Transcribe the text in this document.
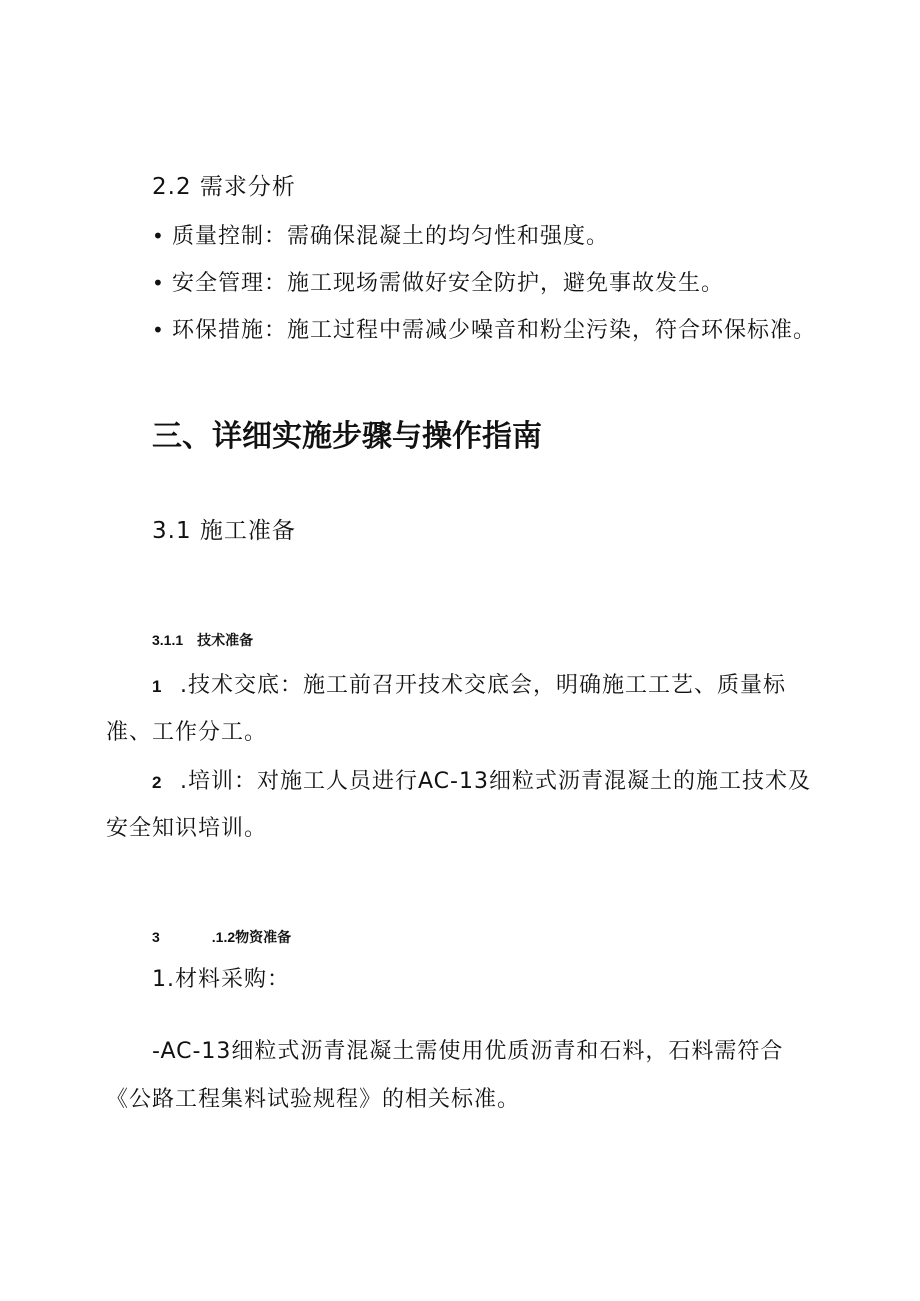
2.2 需求分析
• 质量控制：需确保混凝土的均匀性和强度。
• 安全管理：施工现场需做好安全防护，避免事故发生。
• 环保措施：施工过程中需减少噪音和粉尘污染，符合环保标准。
三、详细实施步骤与操作指南
3.1 施工准备
3.1.1　技术准备
1 .技术交底：施工前召开技术交底会，明确施工工艺、质量标
准、工作分工。
2 .培训：对施工人员进行AC-13细粒式沥青混凝土的施工技术及
安全知识培训。
3	.1.2物资准备
1.材料采购：
-AC-13细粒式沥青混凝土需使用优质沥青和石料，石料需符合
《公路工程集料试验规程》的相关标准。
